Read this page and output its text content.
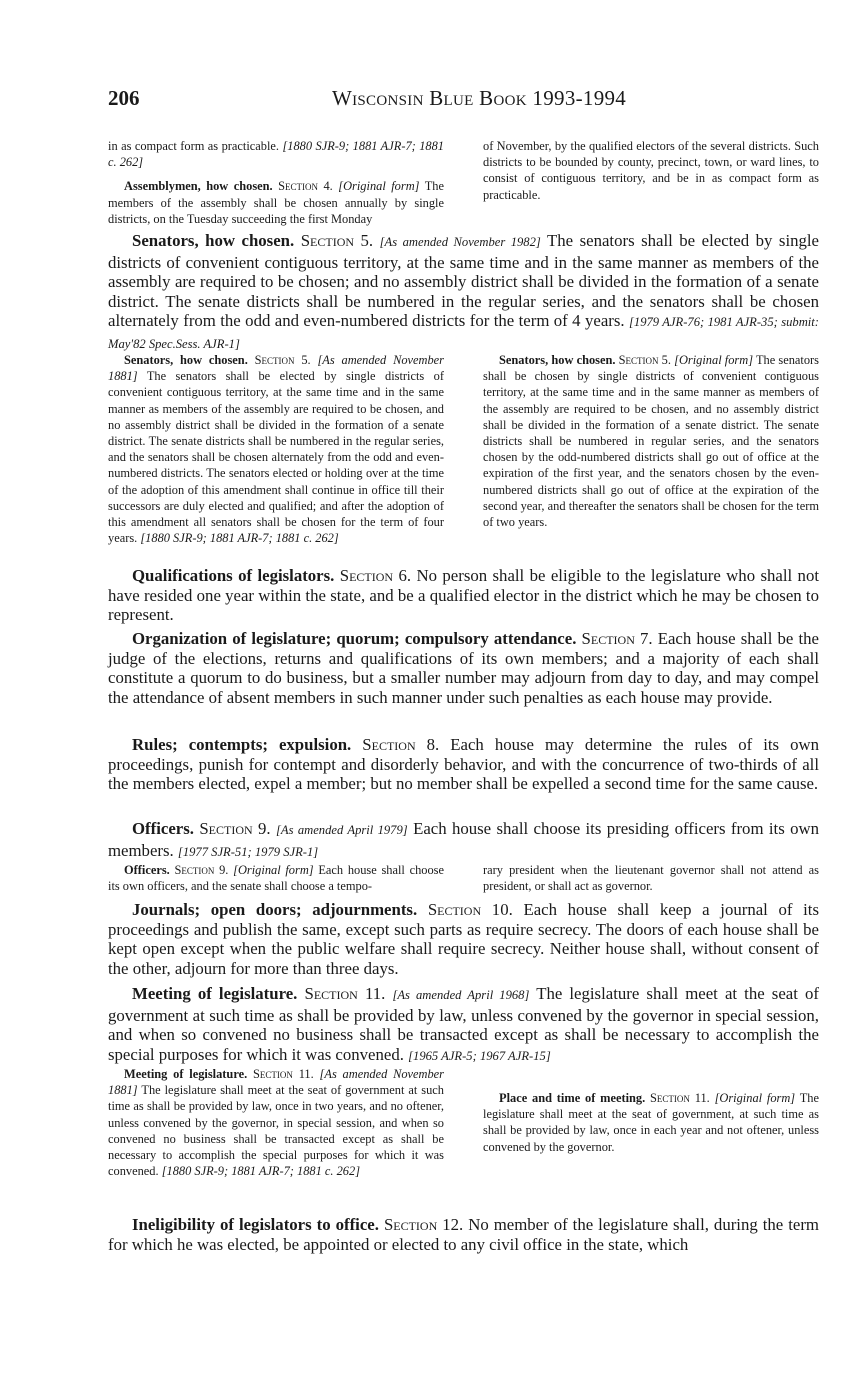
206	Wisconsin Blue Book 1993-1994

in as compact form as practicable. [1880 SJR-9; 1881 AJR-7; 1881 c. 262]

Assemblymen, how chosen. Section 4. [Original form] The members of the assembly shall be chosen annually by single districts, on the Tuesday succeeding the first Monday

of November, by the qualified electors of the several districts. Such districts to be bounded by county, precinct, town, or ward lines, to consist of contiguous territory, and be in as compact form as practicable.

Senators, how chosen. Section 5. [As amended November 1982] The senators shall be elected by single districts of convenient contiguous territory, at the same time and in the same manner as members of the assembly are required to be chosen; and no assembly district shall be divided in the formation of a senate district. The senate districts shall be numbered in the regular series, and the senators shall be chosen alternately from the odd and even-numbered districts for the term of 4 years. [1979 AJR-76; 1981 AJR-35; submit: May'82 Spec.Sess. AJR-1]

Senators, how chosen. Section 5. [As amended November 1881] The senators shall be elected by single districts of convenient contiguous territory, at the same time and in the same manner as members of the assembly are required to be chosen, and no assembly district shall be divided in the formation of a senate district. The senate districts shall be numbered in the regular series, and the senators shall be chosen alternately from the odd and even-numbered districts. The senators elected or holding over at the time of the adoption of this amendment shall continue in office till their successors are duly elected and qualified; and after the adoption of this amendment all senators shall be chosen for the term of four years. [1880 SJR-9; 1881 AJR-7; 1881 c. 262]

Senators, how chosen. Section 5. [Original form] The senators shall be chosen by single districts of convenient contiguous territory, at the same time and in the same manner as members of the assembly are required to be chosen, and no assembly district shall be divided in the formation of a senate district. The senate districts shall be numbered in regular series, and the senators chosen by the odd-numbered districts shall go out of office at the expiration of the first year, and the senators chosen by the even-numbered districts shall go out of office at the expiration of the second year, and thereafter the senators shall be chosen for the term of two years.

Qualifications of legislators. Section 6. No person shall be eligible to the legislature who shall not have resided one year within the state, and be a qualified elector in the district which he may be chosen to represent.
Organization of legislature; quorum; compulsory attendance. Section 7. Each house shall be the judge of the elections, returns and qualifications of its own members; and a majority of each shall constitute a quorum to do business, but a smaller number may adjourn from day to day, and may compel the attendance of absent members in such manner under such penalties as each house may provide.
Rules; contempts; expulsion. Section 8. Each house may determine the rules of its own proceedings, punish for contempt and disorderly behavior, and with the concurrence of two-thirds of all the members elected, expel a member; but no member shall be expelled a second time for the same cause.
Officers. Section 9. [As amended April 1979] Each house shall choose its presiding officers from its own members. [1977 SJR-51; 1979 SJR-1]

Officers. Section 9. [Original form] Each house shall choose its own officers, and the senate shall choose a tempo-

rary president when the lieutenant governor shall not attend as president, or shall act as governor.

Journals; open doors; adjournments. Section 10. Each house shall keep a journal of its proceedings and publish the same, except such parts as require secrecy. The doors of each house shall be kept open except when the public welfare shall require secrecy. Neither house shall, without consent of the other, adjourn for more than three days.
Meeting of legislature. Section 11. [As amended April 1968] The legislature shall meet at the seat of government at such time as shall be provided by law, unless convened by the governor in special session, and when so convened no business shall be transacted except as shall be necessary to accomplish the special purposes for which it was convened. [1965 AJR-5; 1967 AJR-15]

Meeting of legislature. Section 11. [As amended November 1881] The legislature shall meet at the seat of government at such time as shall be provided by law, once in two years, and no oftener, unless convened by the governor, in special session, and when so convened no business shall be transacted except as shall be necessary to accomplish the special purposes for which it was convened. [1880 SJR-9; 1881 AJR-7; 1881 c. 262]

Place and time of meeting. Section 11. [Original form] The legislature shall meet at the seat of government, at such time as shall be provided by law, once in each year and not oftener, unless convened by the governor.

Ineligibility of legislators to office. Section 12. No member of the legislature shall, during the term for which he was elected, be appointed or elected to any civil office in the state, which
